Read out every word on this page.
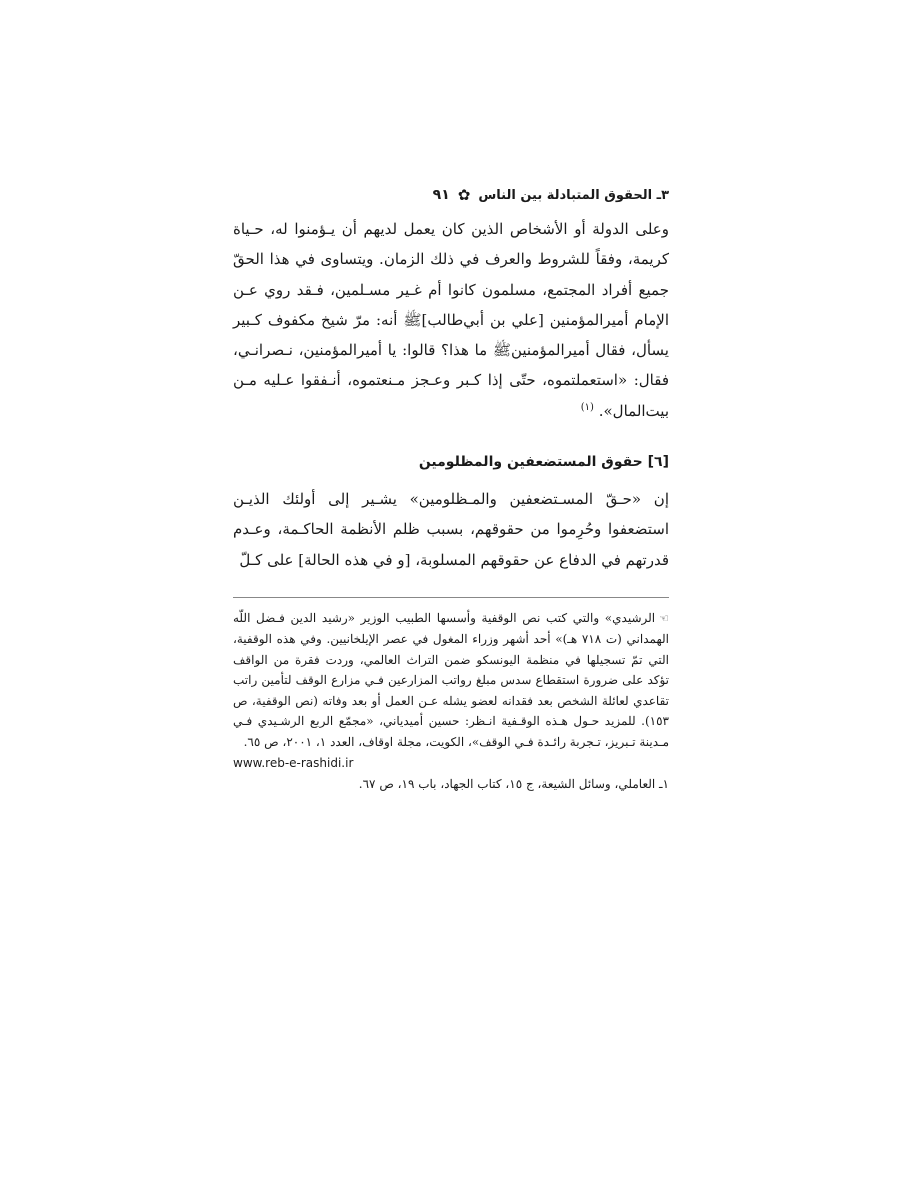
٣ـ الحقوق المتبادلة بين الناس
✿
٩١

وعلى الدولة أو الأشخاص الذين كان يعمل لديهم أن يـؤمنوا له، حـياة كريمة، وفقاً للشروط والعرف في ذلك الزمان. ويتساوى في هذا الحقّ جميع أفراد المجتمع، مسلمون كانوا أم غـير مسـلمين، فـقد روي عـن الإمام أميرالمؤمنين [علي بن أبي‌طالب]ﷺ أنه: مرّ شيخ مكفوف كـبير يسأل، فقال أميرالمؤمنينﷺ ما هذا؟ قالوا: يا أميرالمؤمنين، نـصرانـي، فقال: «استعملتموه، حتّى إذا كـبر وعـجز مـنعتموه، أنـفقوا عـليه مـن بيت‌المال». $^{(١)}$

[٦] حقوق المستضعفين والمظلومين

إن «حـقّ المسـتضعفين والمـظلومين» يشـير إلى أولئك الذيـن استضعفوا وحُرِموا من حقوقهم، بسبب ظلم الأنظمة الحاكـمة، وعـدم قدرتهم في الدفاع عن حقوقهم المسلوبة، [و في هذه الحالة] على كـلّ

☜الرشيدي» والتي كتب نص الوقفية وأسسها الطبيب الوزير «رشيد الدين فـضل اللّه الهمداني (ت ٧١٨ هـ)» أحد أشهر وزراء المغول في عصر الإيلخانيين. وفي هذه الوقفية، التي تمّ تسجيلها في منظمة اليونسكو ضمن التراث العالمي، وردت فقرة من الواقف تؤكد على ضرورة استقطاع سدس مبلغ رواتب المزارعين فـي مزارع الوقف لتأمين راتب تقاعدي لعائلة الشخص بعد فقدانه لعضو يشله عـن العمل أو بعد وفاته (نص الوقفية، ص ١٥٣). للمزيد حـول هـذه الوقـفية انـظر: حسين أميدياني، «مجمّع الربع الرشـيدي فـي مـدينة تـبريز، تـجربة رائـدة فـي الوقف»، الكويت، مجلة اوقاف، العدد ١، ٢٠٠١، ص ٦٥.

www.reb-e-rashidi.ir

١ـ العاملي، وسائل الشيعة، ج ١٥، كتاب الجهاد، باب ١٩، ص ٦٧.
